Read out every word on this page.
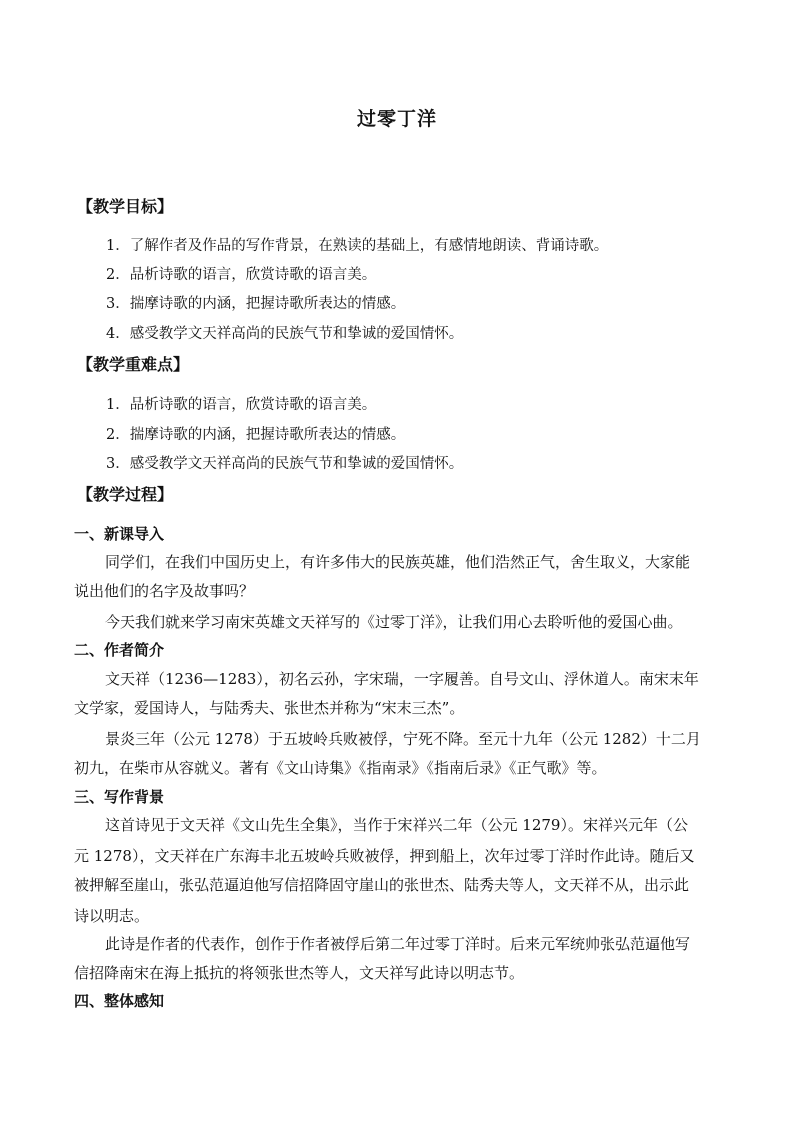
过零丁洋
【教学目标】
1．了解作者及作品的写作背景，在熟读的基础上，有感情地朗读、背诵诗歌。
2．品析诗歌的语言，欣赏诗歌的语言美。
3．揣摩诗歌的内涵，把握诗歌所表达的情感。
4．感受教学文天祥高尚的民族气节和挚诚的爱国情怀。
【教学重难点】
1．品析诗歌的语言，欣赏诗歌的语言美。
2．揣摩诗歌的内涵，把握诗歌所表达的情感。
3．感受教学文天祥高尚的民族气节和挚诚的爱国情怀。
【教学过程】
一、新课导入
同学们，在我们中国历史上，有许多伟大的民族英雄，他们浩然正气，舍生取义，大家能
说出他们的名字及故事吗？
今天我们就来学习南宋英雄文天祥写的《过零丁洋》，让我们用心去聆听他的爱国心曲。
二、作者简介
文天祥（1236—1283），初名云孙，字宋瑞，一字履善。自号文山、浮休道人。南宋末年
文学家，爱国诗人，与陆秀夫、张世杰并称为“宋末三杰”。
景炎三年（公元 1278）于五坡岭兵败被俘，宁死不降。至元十九年（公元 1282）十二月
初九，在柴市从容就义。著有《文山诗集》《指南录》《指南后录》《正气歌》等。
三、写作背景
这首诗见于文天祥《文山先生全集》，当作于宋祥兴二年（公元 1279）。宋祥兴元年（公
元 1278），文天祥在广东海丰北五坡岭兵败被俘，押到船上，次年过零丁洋时作此诗。随后又
被押解至崖山，张弘范逼迫他写信招降固守崖山的张世杰、陆秀夫等人，文天祥不从，出示此
诗以明志。
此诗是作者的代表作，创作于作者被俘后第二年过零丁洋时。后来元军统帅张弘范逼他写
信招降南宋在海上抵抗的将领张世杰等人，文天祥写此诗以明志节。
四、整体感知
